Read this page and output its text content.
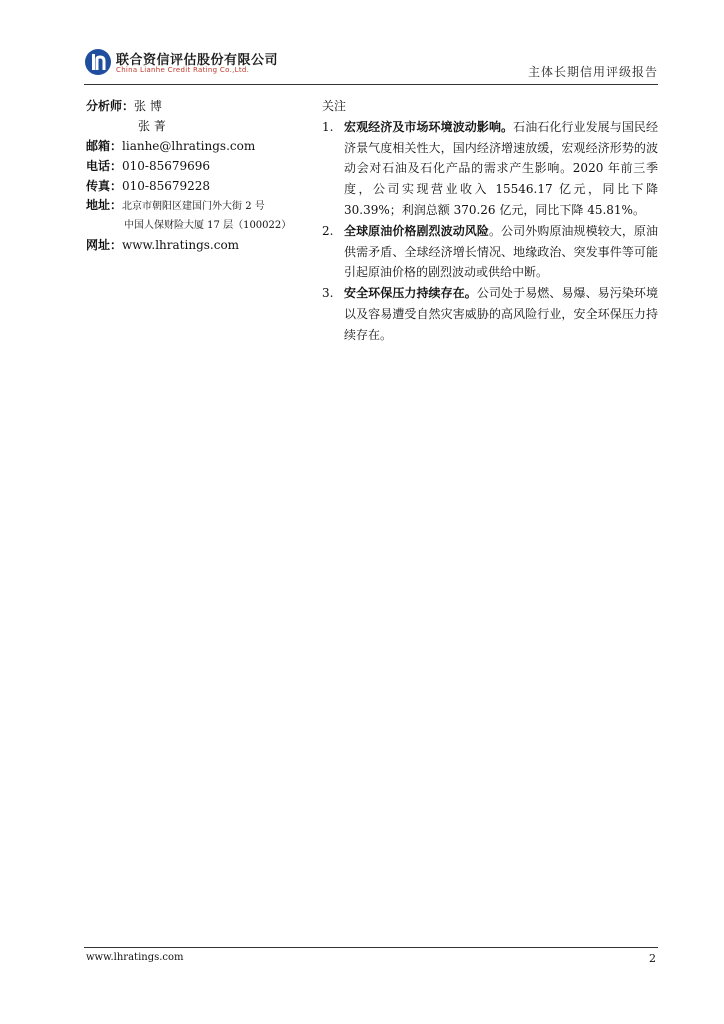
联合资信评估股份有限公司
China Lianhe Credit Rating Co.,Ltd.	主体长期信用评级报告
分析师：张 博
张 菁
邮箱：lianhe@lhratings.com
电话：010-85679696
传真：010-85679228
地址：北京市朝阳区建国门外大街 2 号
中国人保财险大厦 17 层（100022）
网址：www.lhratings.com
关注
1. 宏观经济及市场环境波动影响。石油石化行业发展与国民经济景气度相关性大，国内经济增速放缓，宏观经济形势的波动会对石油及石化产品的需求产生影响。2020 年前三季度，公司实现营业收入 15546.17 亿元，同比下降 30.39%；利润总额 370.26 亿元，同比下降 45.81%。
2. 全球原油价格剧烈波动风险。公司外购原油规模较大，原油供需矛盾、全球经济增长情况、地缘政治、突发事件等可能引起原油价格的剧烈波动或供给中断。
3. 安全环保压力持续存在。公司处于易燃、易爆、易污染环境以及容易遭受自然灾害威胁的高风险行业，安全环保压力持续存在。
www.lhratings.com	2
